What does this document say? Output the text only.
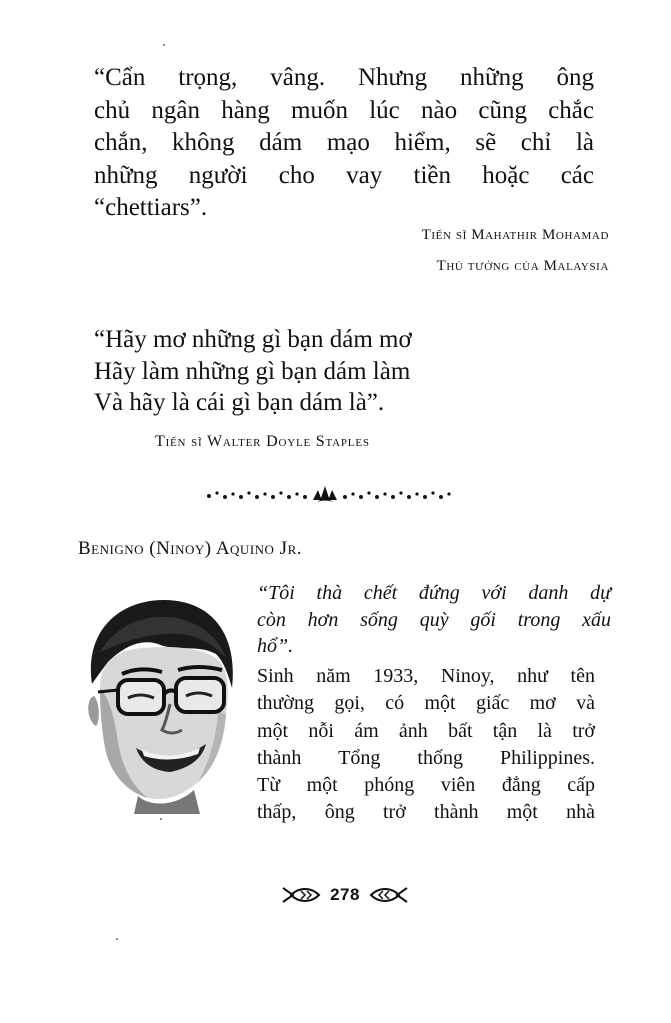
“Cẩn trọng, vâng. Nhưng những ông
chủ ngân hàng muốn lúc nào cũng chắc
chắn, không dám mạo hiểm, sẽ chỉ là
những người cho vay tiền hoặc các
“chettiars”.
Tiến sĩ Mahathir Mohamad
Thủ tướng của Malaysia
“Hãy mơ những gì bạn dám mơ
Hãy làm những gì bạn dám làm
Và hãy là cái gì bạn dám là”.
Tiến sĩ Walter Doyle Staples
Benigno (Ninoy) Aquino Jr.
“Tôi thà chết đứng với danh dự
còn hơn sống quỳ gối trong xấu
hổ”.
Sinh năm 1933, Ninoy, như tên
thường gọi, có một giấc mơ và
một nỗi ám ảnh bất tận là trở
thành Tổng thống Philippines.
Từ một phóng viên đẳng cấp
thấp, ông trở thành một nhà
278
